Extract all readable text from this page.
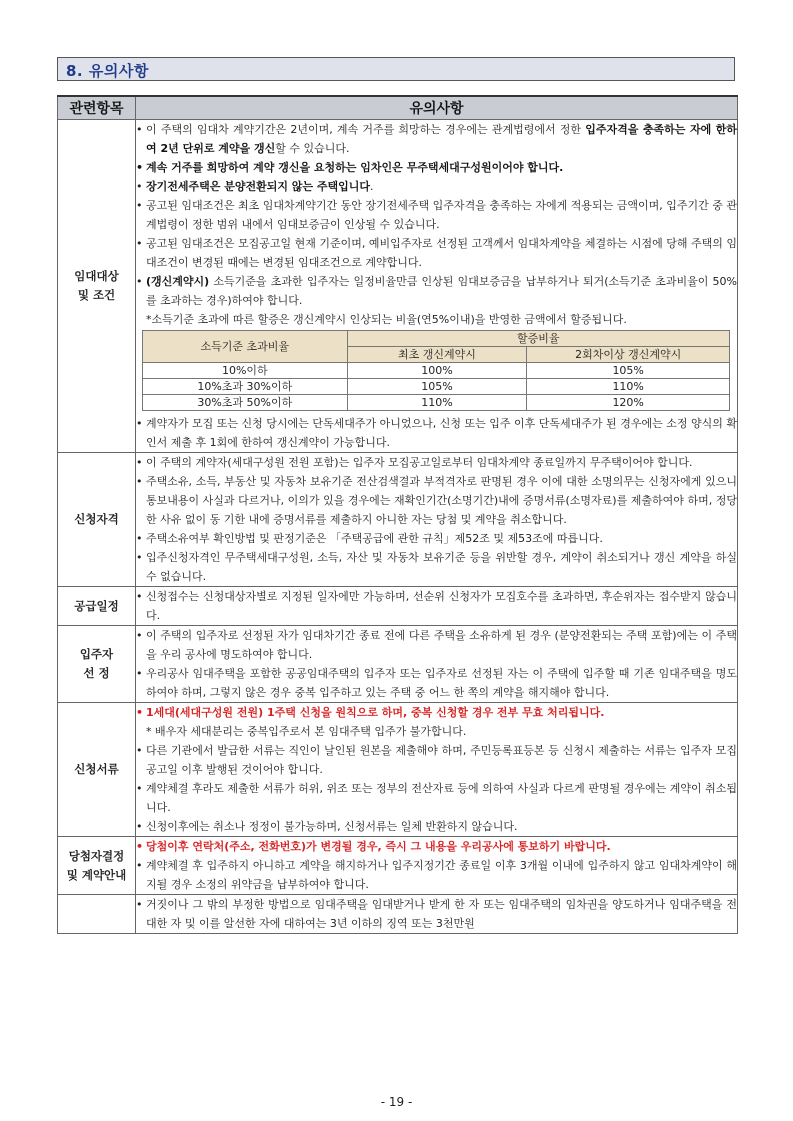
8. 유의사항
관련항목	유의사항

임대대상
및 조건

• 이 주택의 임대차 계약기간은 2년이며, 계속 거주를 희망하는 경우에는 관계법령에서 정한 입주자격을 충족하는 자에 한하여 2년 단위로 계약을 갱신할 수 있습니다.
• 계속 거주를 희망하여 계약 갱신을 요청하는 임차인은 무주택세대구성원이어야 합니다.
• 장기전세주택은 분양전환되지 않는 주택입니다.
• 공고된 임대조건은 최초 임대차계약기간 동안 장기전세주택 입주자격을 충족하는 자에게 적용되는 금액이며, 입주기간 중 관계법령이 정한 범위 내에서 임대보증금이 인상될 수 있습니다.
• 공고된 임대조건은 모집공고일 현재 기준이며, 예비입주자로 선정된 고객께서 임대차계약을 체결하는 시점에 당해 주택의 임대조건이 변경된 때에는 변경된 임대조건으로 계약합니다.
• (갱신계약시) 소득기준을 초과한 입주자는 일정비율만큼 인상된 임대보증금을 납부하거나 퇴거(소득기준 초과비율이 50%를 초과하는 경우)하여야 합니다.
*소득기준 초과에 따른 할증은 갱신계약시 인상되는 비율(연5%이내)을 반영한 금액에서 할증됩니다.
소득기준 초과비율	할증비율
최초 갱신계약시	2회차이상 갱신계약시
10%이하	100%	105%
10%초과 30%이하	105%	110%
30%초과 50%이하	110%	120%
• 계약자가 모집 또는 신청 당시에는 단독세대주가 아니었으나, 신청 또는 입주 이후 단독세대주가 된 경우에는 소정 양식의 확인서 제출 후 1회에 한하여 갱신계약이 가능합니다.

신청자격	
• 이 주택의 계약자(세대구성원 전원 포함)는 입주자 모집공고일로부터 임대차계약 종료일까지 무주택이어야 합니다.
• 주택소유, 소득, 부동산 및 자동차 보유기준 전산검색결과 부적격자로 판명된 경우 이에 대한 소명의무는 신청자에게 있으니 통보내용이 사실과 다르거나, 이의가 있을 경우에는 재확인기간(소명기간)내에 증명서류(소명자료)를 제출하여야 하며, 정당한 사유 없이 동 기한 내에 증명서류를 제출하지 아니한 자는 당첨 및 계약을 취소합니다.
• 주택소유여부 확인방법 및 판정기준은 「주택공급에 관한 규칙」제52조 및 제53조에 따릅니다.
• 입주신청자격인 무주택세대구성원, 소득, 자산 및 자동차 보유기준 등을 위반할 경우, 계약이 취소되거나 갱신 계약을 하실 수 없습니다.

공급일정	
• 신청접수는 신청대상자별로 지정된 일자에만 가능하며, 선순위 신청자가 모집호수를 초과하면, 후순위자는 접수받지 않습니다.

입주자
선 정

• 이 주택의 입주자로 선정된 자가 임대차기간 종료 전에 다른 주택을 소유하게 된 경우 (분양전환되는 주택 포함)에는 이 주택을 우리 공사에 명도하여야 합니다.
• 우리공사 임대주택을 포함한 공공임대주택의 입주자 또는 입주자로 선정된 자는 이 주택에 입주할 때 기존 임대주택을 명도하여야 하며, 그렇지 않은 경우 중복 입주하고 있는 주택 중 어느 한 쪽의 계약을 해지해야 합니다.

신청서류	
• 1세대(세대구성원 전원) 1주택 신청을 원칙으로 하며, 중복 신청할 경우 전부 무효 처리됩니다.
* 배우자 세대분리는 중복입주로서 본 임대주택 입주가 불가합니다.
• 다른 기관에서 발급한 서류는 직인이 날인된 원본을 제출해야 하며, 주민등록표등본 등 신청시 제출하는 서류는 입주자 모집공고일 이후 발행된 것이어야 합니다.
• 계약체결 후라도 제출한 서류가 허위, 위조 또는 정부의 전산자료 등에 의하여 사실과 다르게 판명될 경우에는 계약이 취소됩니다.
• 신청이후에는 취소나 정정이 불가능하며, 신청서류는 일체 반환하지 않습니다.

당첨자결정
및 계약안내

• 당첨이후 연락처(주소, 전화번호)가 변경될 경우, 즉시 그 내용을 우리공사에 통보하기 바랍니다.
• 계약체결 후 입주하지 아니하고 계약을 해지하거나 입주지정기간 종료일 이후 3개월 이내에 입주하지 않고 임대차계약이 해지될 경우 소정의 위약금을 납부하여야 합니다.

• 거짓이나 그 밖의 부정한 방법으로 임대주택을 임대받거나 받게 한 자 또는 임대주택의 임차권을 양도하거나 임대주택을 전대한 자 및 이를 알선한 자에 대하여는 3년 이하의 징역 또는 3천만원
- 19 -
